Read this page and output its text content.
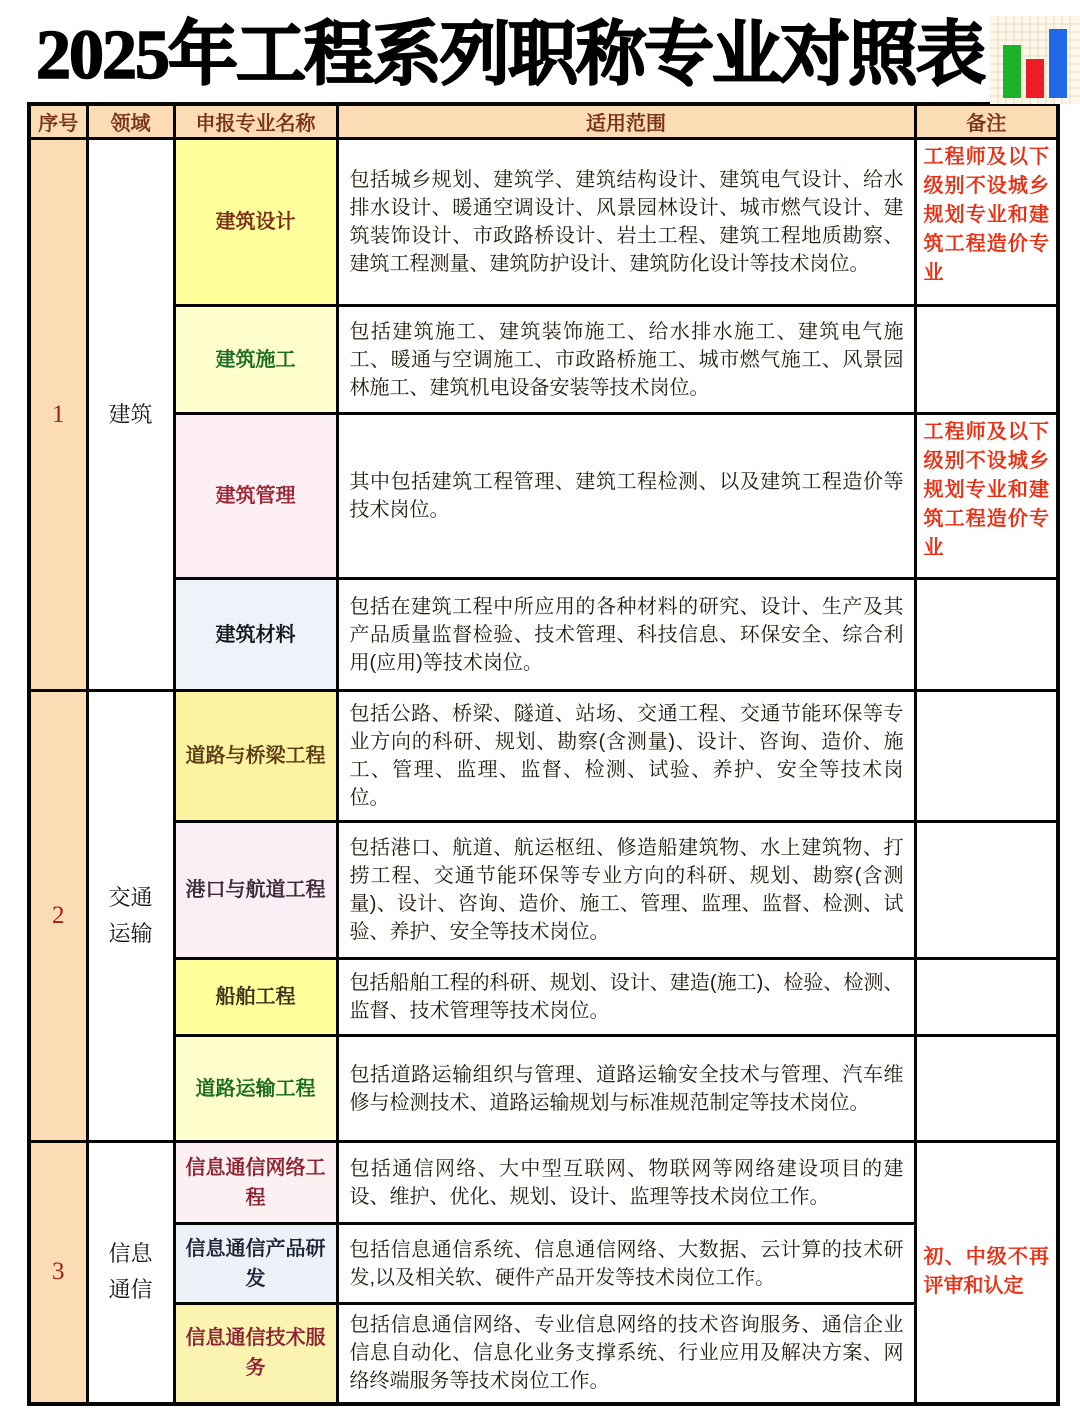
2025年工程系列职称专业对照表
序号	领域	申报专业名称	适用范围	备注
1	建筑	建筑设计	包括城乡规划、建筑学、建筑结构设计、建筑电气设计、给水排水设计、暖通空调设计、风景园林设计、城市燃气设计、建筑装饰设计、市政路桥设计、岩土工程、建筑工程地质勘察、建筑工程测量、建筑防护设计、建筑防化设计等技术岗位。	工程师及以下级别不设城乡规划专业和建筑工程造价专业
		建筑施工	包括建筑施工、建筑装饰施工、给水排水施工、建筑电气施工、暖通与空调施工、市政路桥施工、城市燃气施工、风景园林施工、建筑机电设备安装等技术岗位。	
		建筑管理	其中包括建筑工程管理、建筑工程检测、以及建筑工程造价等技术岗位。	工程师及以下级别不设城乡规划专业和建筑工程造价专业
		建筑材料	包括在建筑工程中所应用的各种材料的研究、设计、生产及其产品质量监督检验、技术管理、科技信息、环保安全、综合利用(应用)等技术岗位。	
2	交通运输	道路与桥梁工程	包括公路、桥梁、隧道、站场、交通工程、交通节能环保等专业方向的科研、规划、勘察(含测量)、设计、咨询、造价、施工、管理、监理、监督、检测、试验、养护、安全等技术岗位。	
		港口与航道工程	包括港口、航道、航运枢纽、修造船建筑物、水上建筑物、打捞工程、交通节能环保等专业方向的科研、规划、勘察(含测量)、设计、咨询、造价、施工、管理、监理、监督、检测、试验、养护、安全等技术岗位。	
		船舶工程	包括船舶工程的科研、规划、设计、建造(施工)、检验、检测、监督、技术管理等技术岗位。	
		道路运输工程	包括道路运输组织与管理、道路运输安全技术与管理、汽车维修与检测技术、道路运输规划与标准规范制定等技术岗位。	
3	信息通信	信息通信网络工程	包括通信网络、大中型互联网、物联网等网络建设项目的建设、维护、优化、规划、设计、监理等技术岗位工作。	初、中级不再评审和认定
		信息通信产品研发	包括信息通信系统、信息通信网络、大数据、云计算的技术研发,以及相关软、硬件产品开发等技术岗位工作。	
		信息通信技术服务	包括信息通信网络、专业信息网络的技术咨询服务、通信企业信息自动化、信息化业务支撑系统、行业应用及解决方案、网络终端服务等技术岗位工作。	
